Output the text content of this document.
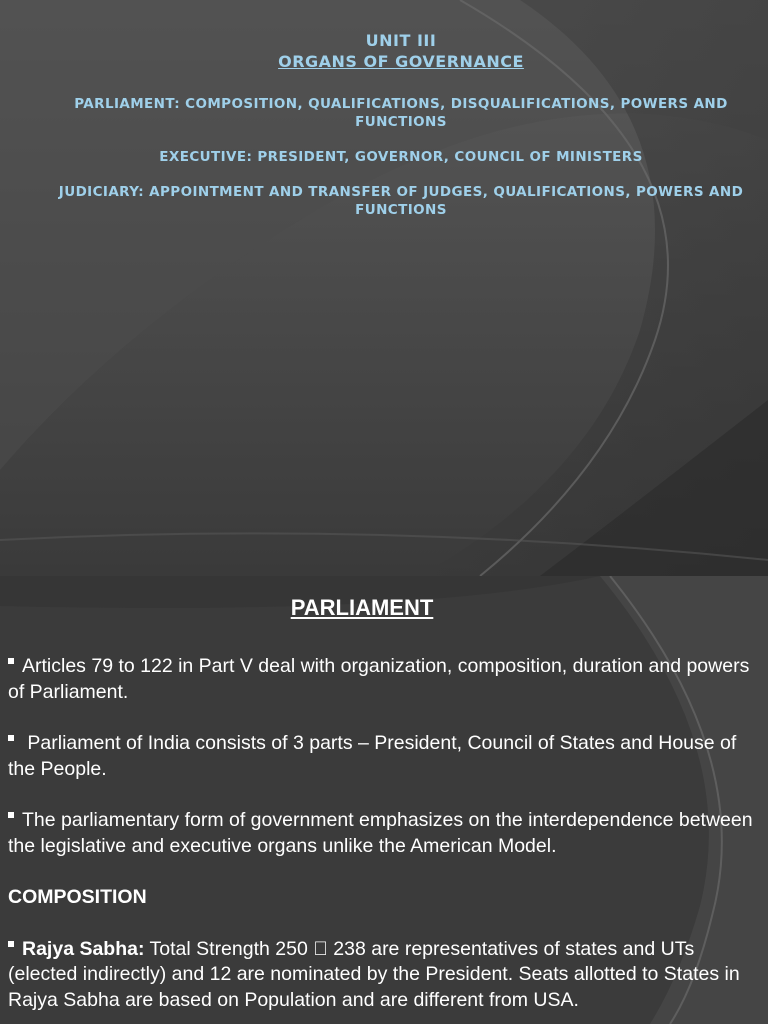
UNIT III
ORGANS OF GOVERNANCE

PARLIAMENT: COMPOSITION, QUALIFICATIONS, DISQUALIFICATIONS, POWERS AND FUNCTIONS

EXECUTIVE: PRESIDENT, GOVERNOR, COUNCIL OF MINISTERS

JUDICIARY: APPOINTMENT AND TRANSFER OF JUDGES, QUALIFICATIONS, POWERS AND FUNCTIONS

PARLIAMENT

Articles 79 to 122 in Part V deal with organization, composition, duration and powers of Parliament.

Parliament of India consists of 3 parts – President, Council of States and House of the People.

The parliamentary form of government emphasizes on the interdependence between the legislative and executive organs unlike the American Model.

COMPOSITION

Rajya Sabha: Total Strength 250 238 are representatives of states and UTs (elected indirectly) and 12 are nominated by the President. Seats allotted to States in Rajya Sabha are based on Population and are different from USA.
